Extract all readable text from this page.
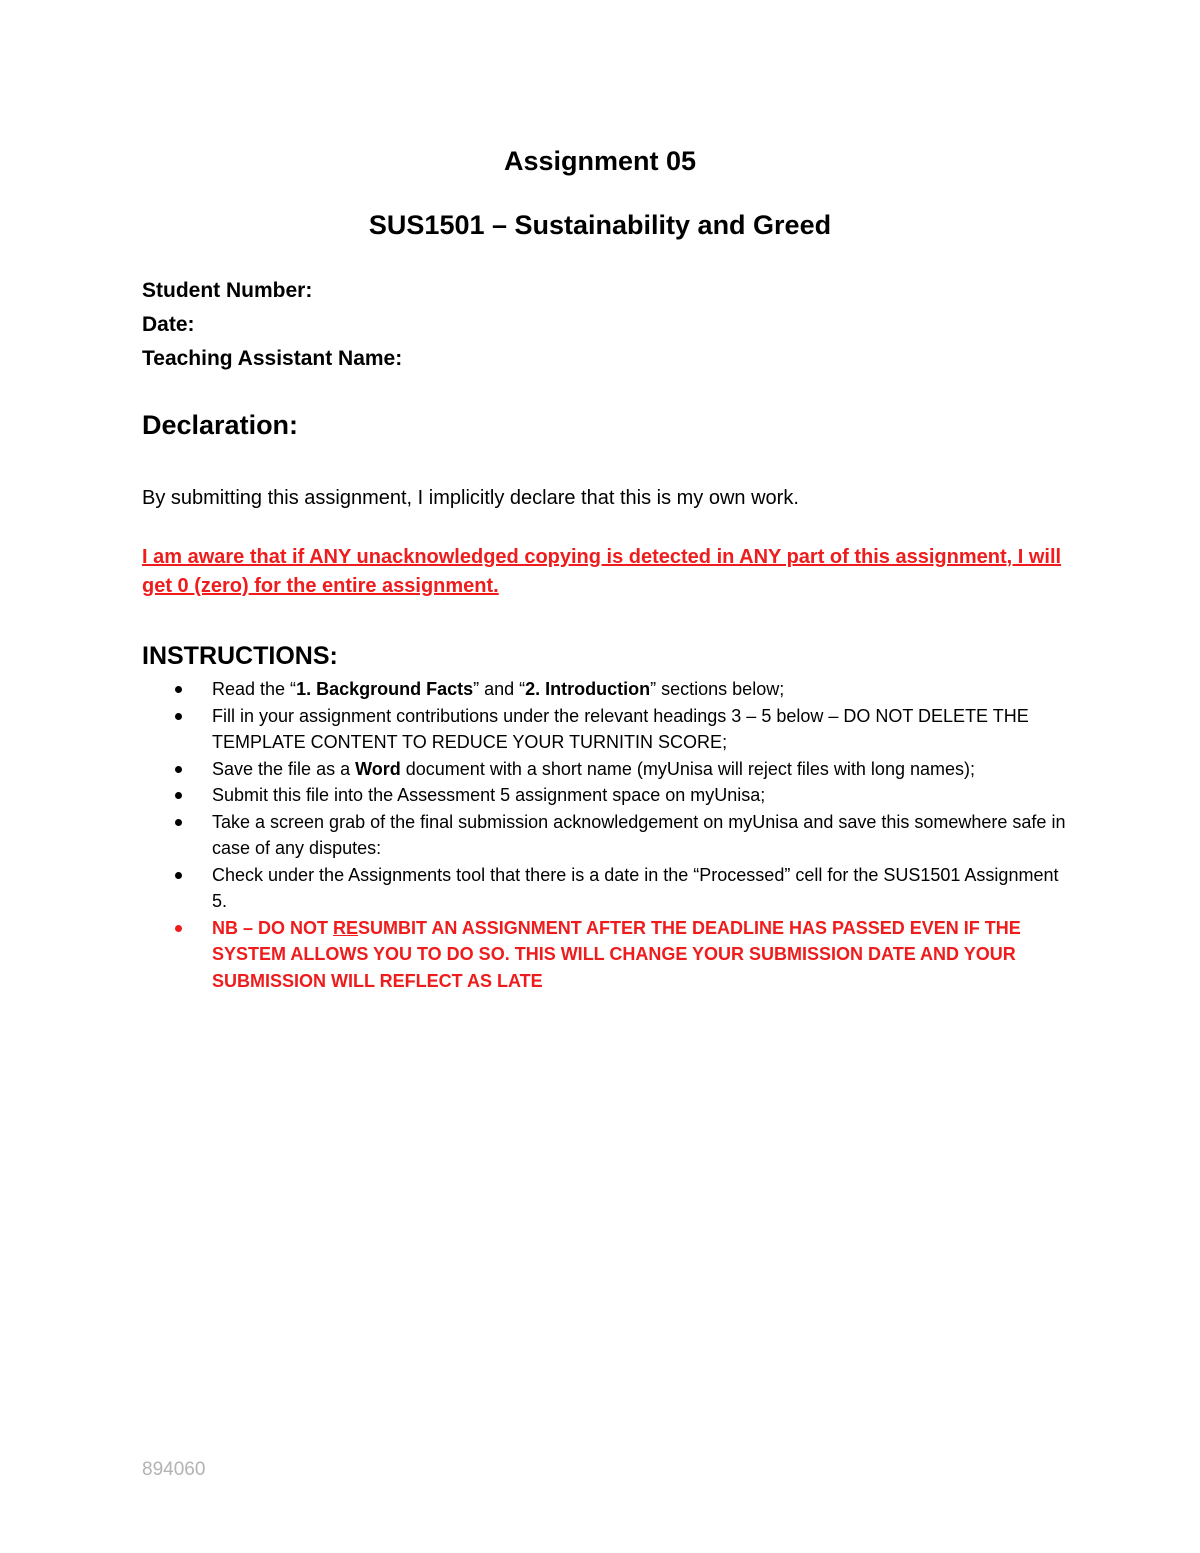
Assignment 05
SUS1501 – Sustainability and Greed
Student Number:
Date:
Teaching Assistant Name:
Declaration:

By submitting this assignment, I implicitly declare that this is my own work.

I am aware that if ANY unacknowledged copying is detected in ANY part of this assignment, I will get 0 (zero) for the entire assignment.

INSTRUCTIONS:
Read the “1. Background Facts” and “2. Introduction” sections below;
Fill in your assignment contributions under the relevant headings 3 – 5 below – DO NOT DELETE THE TEMPLATE CONTENT TO REDUCE YOUR TURNITIN SCORE;
Save the file as a Word document with a short name (myUnisa will reject files with long names);
Submit this file into the Assessment 5 assignment space on myUnisa;
Take a screen grab of the final submission acknowledgement on myUnisa and save this somewhere safe in case of any disputes:
Check under the Assignments tool that there is a date in the “Processed” cell for the SUS1501 Assignment 5.
NB – DO NOT RESUMBIT AN ASSIGNMENT AFTER THE DEADLINE HAS PASSED EVEN IF THE SYSTEM ALLOWS YOU TO DO SO. THIS WILL CHANGE YOUR SUBMISSION DATE AND YOUR SUBMISSION WILL REFLECT AS LATE

894060
